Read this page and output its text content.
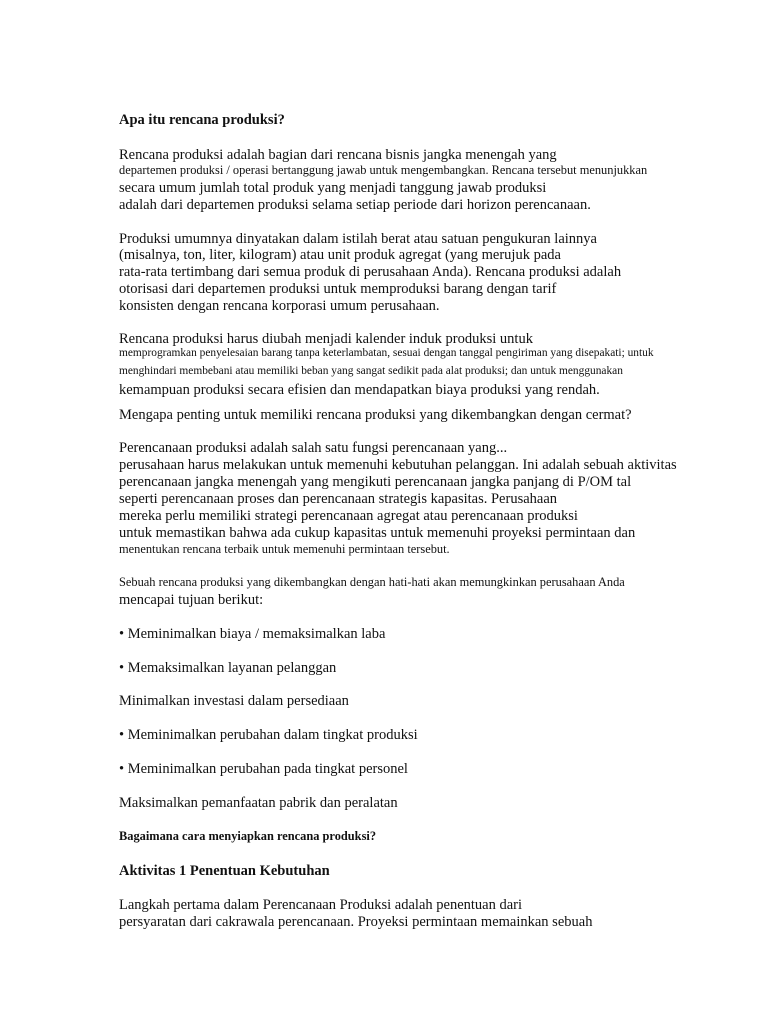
Apa itu rencana produksi?
Rencana produksi adalah bagian dari rencana bisnis jangka menengah yang
departemen produksi / operasi bertanggung jawab untuk mengembangkan. Rencana tersebut menunjukkan
secara umum jumlah total produk yang menjadi tanggung jawab produksi
adalah dari departemen produksi selama setiap periode dari horizon perencanaan.
Produksi umumnya dinyatakan dalam istilah berat atau satuan pengukuran lainnya
(misalnya, ton, liter, kilogram) atau unit produk agregat (yang merujuk pada
rata-rata tertimbang dari semua produk di perusahaan Anda). Rencana produksi adalah
otorisasi dari departemen produksi untuk memproduksi barang dengan tarif
konsisten dengan rencana korporasi umum perusahaan.
Rencana produksi harus diubah menjadi kalender induk produksi untuk
memprogramkan penyelesaian barang tanpa keterlambatan, sesuai dengan tanggal pengiriman yang disepakati; untuk
menghindari membebani atau memiliki beban yang sangat sedikit pada alat produksi; dan untuk menggunakan
kemampuan produksi secara efisien dan mendapatkan biaya produksi yang rendah.
Mengapa penting untuk memiliki rencana produksi yang dikembangkan dengan cermat?
Perencanaan produksi adalah salah satu fungsi perencanaan yang...
perusahaan harus melakukan untuk memenuhi kebutuhan pelanggan. Ini adalah sebuah aktivitas
perencanaan jangka menengah yang mengikuti perencanaan jangka panjang di P/OM tal
seperti perencanaan proses dan perencanaan strategis kapasitas. Perusahaan
mereka perlu memiliki strategi perencanaan agregat atau perencanaan produksi
untuk memastikan bahwa ada cukup kapasitas untuk memenuhi proyeksi permintaan dan
menentukan rencana terbaik untuk memenuhi permintaan tersebut.
Sebuah rencana produksi yang dikembangkan dengan hati-hati akan memungkinkan perusahaan Anda
mencapai tujuan berikut:
• Meminimalkan biaya / memaksimalkan laba
• Memaksimalkan layanan pelanggan
Minimalkan investasi dalam persediaan
• Meminimalkan perubahan dalam tingkat produksi
• Meminimalkan perubahan pada tingkat personel
Maksimalkan pemanfaatan pabrik dan peralatan
Bagaimana cara menyiapkan rencana produksi?
Aktivitas 1 Penentuan Kebutuhan
Langkah pertama dalam Perencanaan Produksi adalah penentuan dari
persyaratan dari cakrawala perencanaan. Proyeksi permintaan memainkan sebuah
